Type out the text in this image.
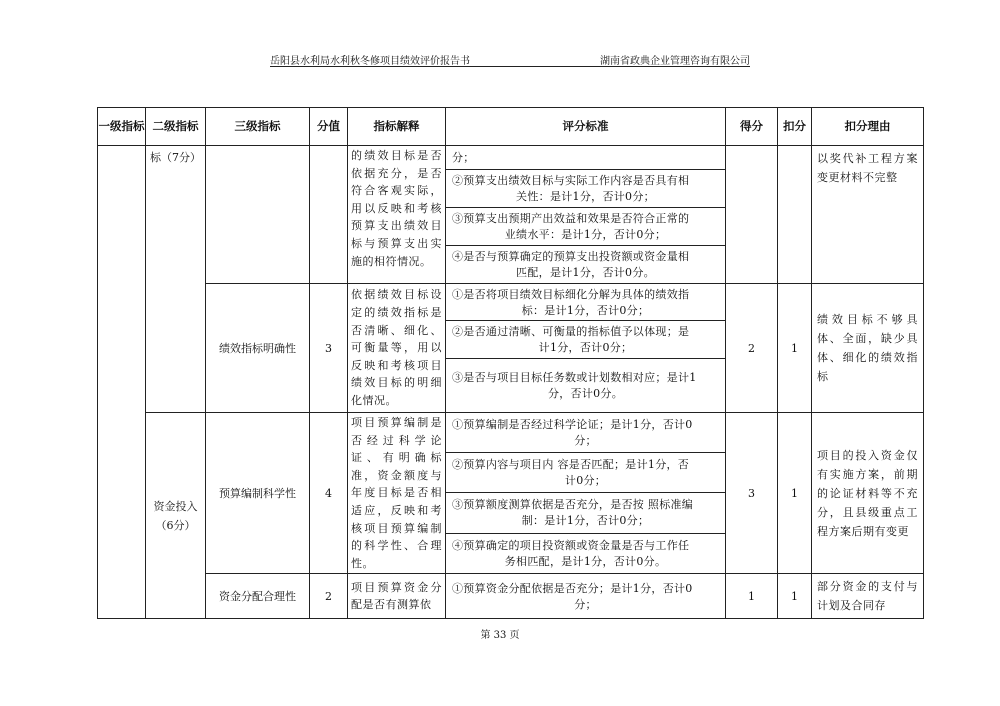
岳阳县水利局水利秋冬修项目绩效评价报告书	湖南省政典企业管理咨询有限公司
一级指标	二级指标	三级指标	分值	指标解释	评分标准	得分	扣分	扣分理由
	标（7分）			的绩效目标是否依据充分，是否符合客观实际，用以反映和考核预算支出绩效目标与预算支出实施的相符情况。	分；			以奖代补工程方案变更材料不完整
					②预算支出绩效目标与实际工作内容是否具有相
关性：是计1分，否计0分；			

					③预算支出预期产出效益和效果是否符合正常的
业绩水平：是计1分，否计0分；			

					④是否与预算确定的预算支出投资额或资金量相
匹配，是计1分，否计0分。			

		绩效指标明确性	3	依据绩效目标设定的绩效指标是否清晰、细化、可衡量等，用以反映和考核项目绩效目标的明细化情况。	①是否将项目绩效目标细化分解为具体的绩效指
标：是计1分，否计0分；	2	1	绩效目标不够具体、全面，缺少具体、细化的绩效指标
					②是否通过清晰、可衡量的指标值予以体现；是
计1分，否计0分；			

					③是否与项目目标任务数或计划数相对应；是计1
分，否计0分。			

	资金投入（6分）	预算编制科学性	4	项目预算编制是否经过科学论证、有明确标准，资金额度与年度目标是否相适应，反映和考核项目预算编制的科学性、合理性。	①预算编制是否经过科学论证；是计1分，否计0
分；	3	1	项目的投入资金仅有实施方案，前期的论证材料等不充分，且县级重点工程方案后期有变更
					②预算内容与项目内 容是否匹配；是计1分，否
计0分；			

					③预算额度测算依据是否充分，是否按 照标准编
制：是计1分，否计0分；			

					④预算确定的项目投资额或资金量是否与工作任
务相匹配，是计1分，否计0分。			

		资金分配合理性	2	项目预算资金分配是否有测算依	①预算资金分配依据是否充分；是计1分，否计0
分；	1	1	部分资金的支付与计划及合同存
第 33 页
